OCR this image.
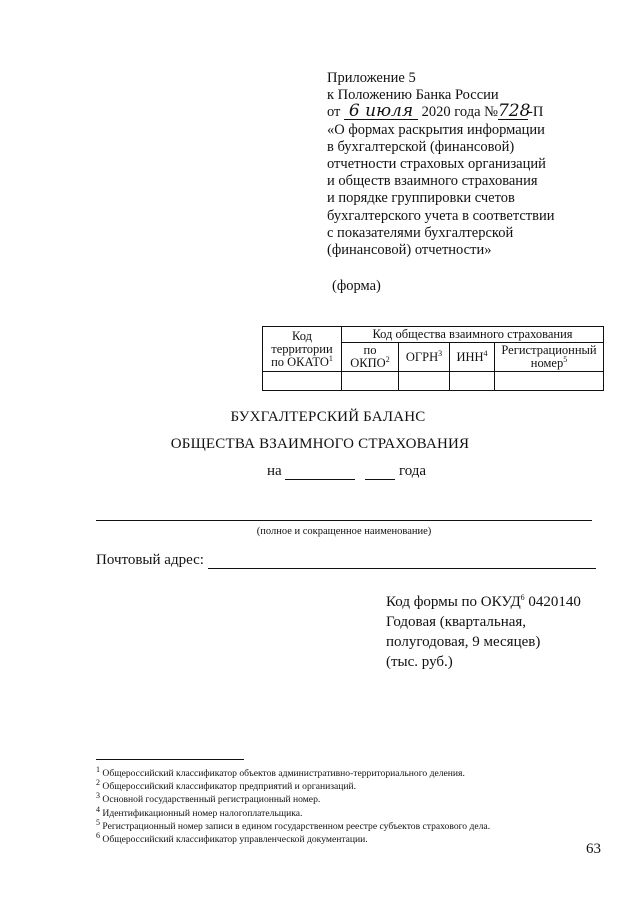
Приложение 5
к Положению Банка России
от 6 июля 2020 года №728-П
«О формах раскрытия информации
в бухгалтерской (финансовой)
отчетности страховых организаций
и обществ взаимного страхования
и порядке группировки счетов
бухгалтерского учета в соответствии
с показателями бухгалтерской
(финансовой) отчетности»
(форма)
Код территории по ОКАТО$^1$	Код общества взаимного страхования			
	по ОКПО$^2$	ОГРН$^3$	ИНН$^4$	Регистрационный номер$^5$

БУХГАЛТЕРСКИЙ БАЛАНС
ОБЩЕСТВА ВЗАИМНОГО СТРАХОВАНИЯ
на	года
(полное и сокращенное наименование)
Почтовый адрес:
Код формы по ОКУД$^6$ 0420140
Годовая (квартальная,
полугодовая, 9 месяцев)
(тыс. руб.)
$^1$ Общероссийский классификатор объектов административно-территориального деления.
$^2$ Общероссийский классификатор предприятий и организаций.
$^3$ Основной государственный регистрационный номер.
$^4$ Идентификационный номер налогоплательщика.
$^5$ Регистрационный номер записи в едином государственном реестре субъектов страхового дела.
$^6$ Общероссийский классификатор управленческой документации.
63
